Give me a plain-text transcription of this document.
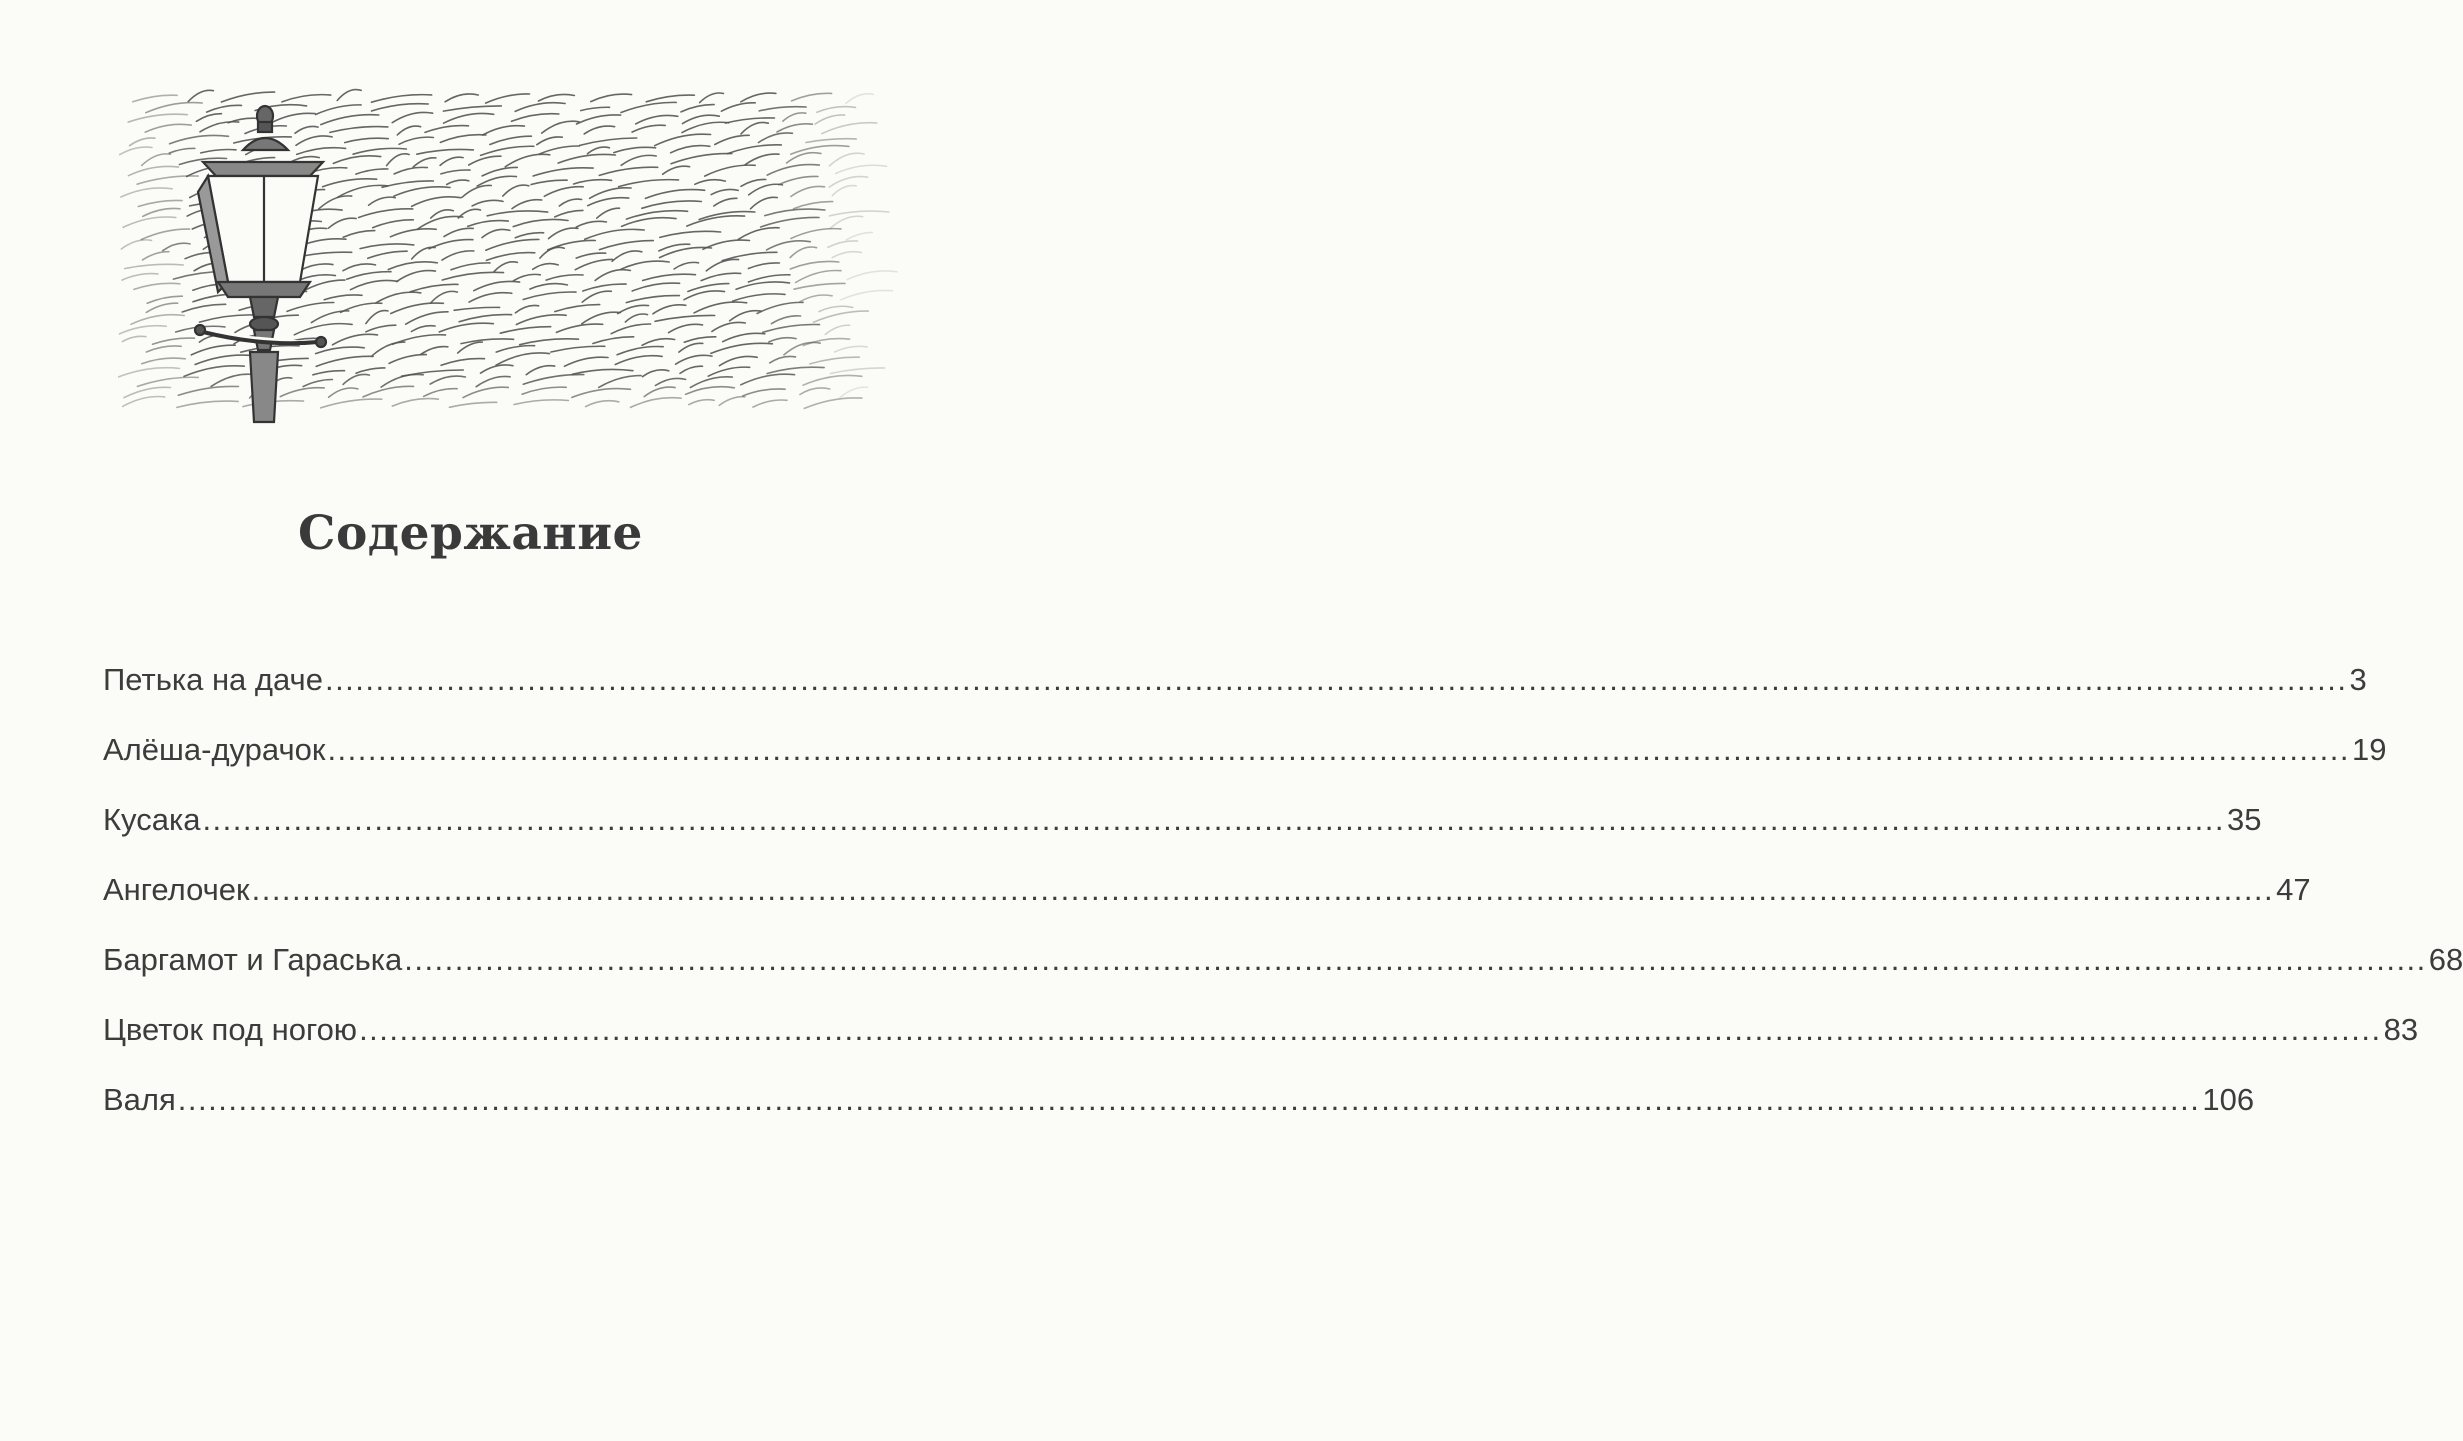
Содержание
Петька на даче ........................................................................................................................................................................................................ 3
Алёша-дурачок ........................................................................................................................................................................................................ 19
Кусака ........................................................................................................................................................................................................ 35
Ангелочек ........................................................................................................................................................................................................ 47
Баргамот и Гараська ........................................................................................................................................................................................................ 68
Цветок под ногою ........................................................................................................................................................................................................ 83
Валя ........................................................................................................................................................................................................ 106
